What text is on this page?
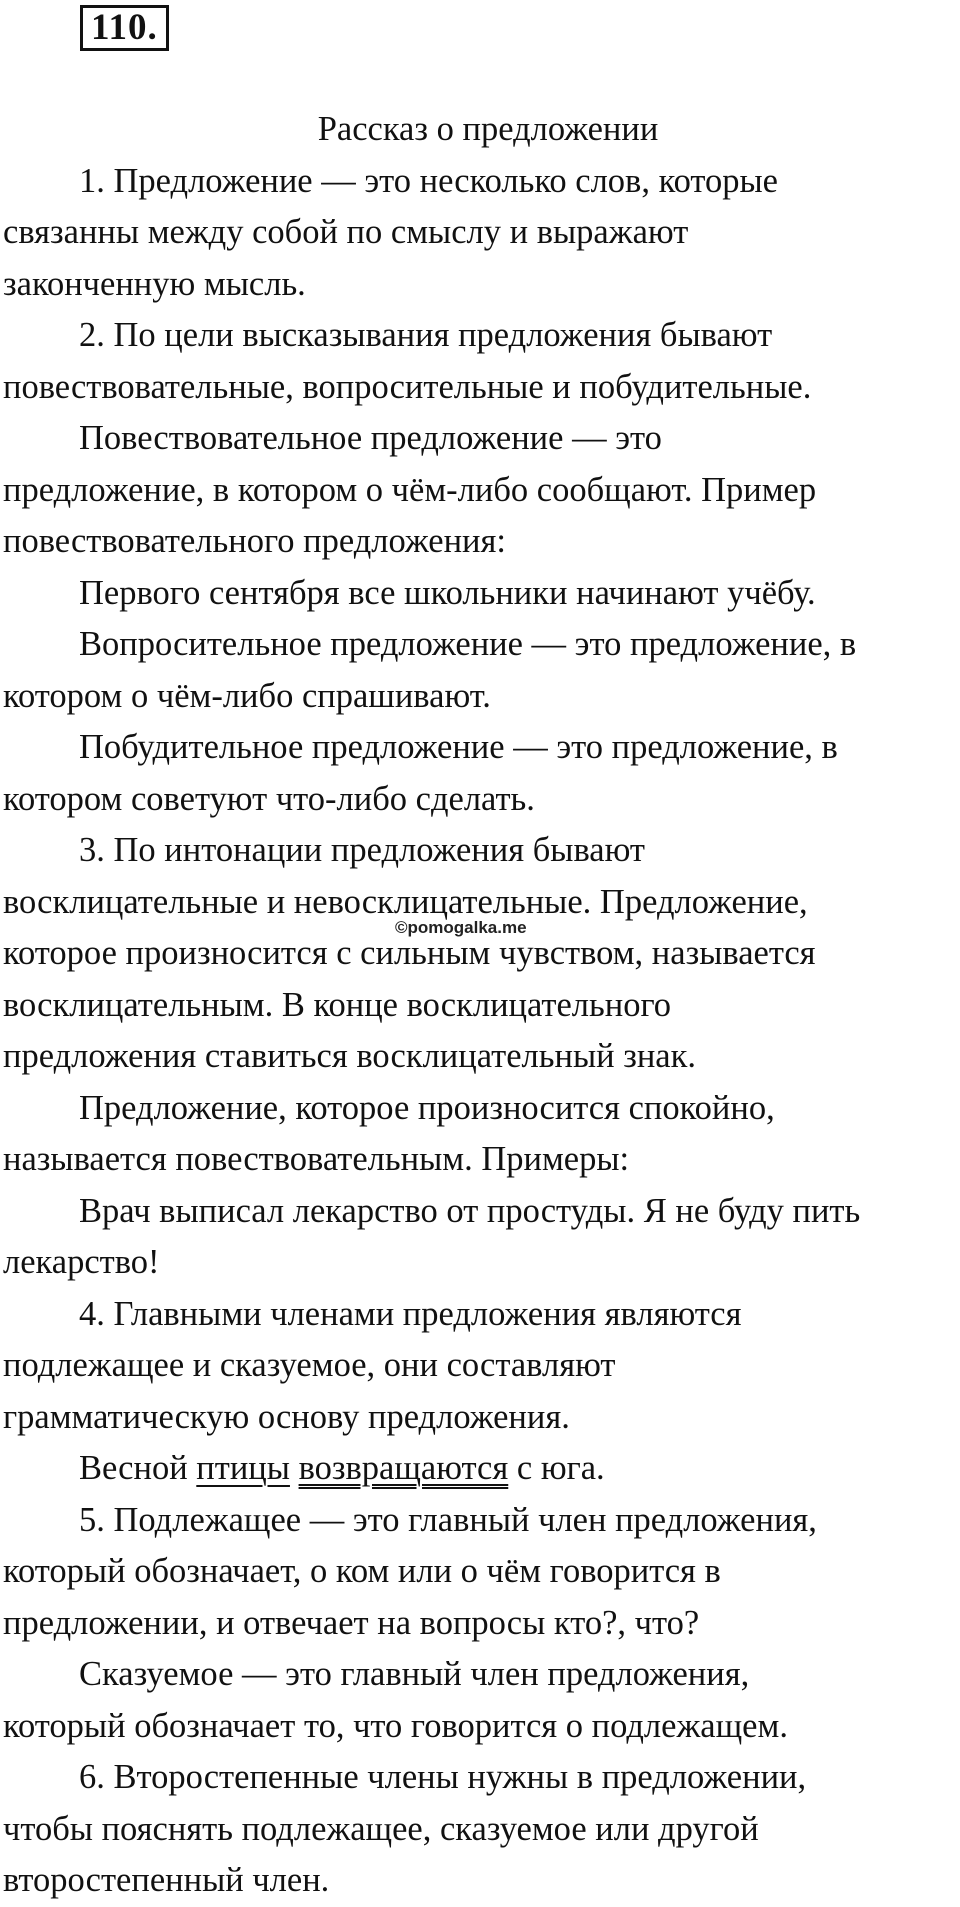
110.

Рассказ о предложении

1. Предложение — это несколько слов, которые

связанны между собой по смыслу и выражают

законченную мысль.

2. По цели высказывания предложения бывают

повествовательные, вопросительные и побудительные.

Повествовательное предложение — это

предложение, в котором о чём-либо сообщают. Пример

повествовательного предложения:

Первого сентября все школьники начинают учёбу.

Вопросительное предложение — это предложение, в

котором о чём-либо спрашивают.

Побудительное предложение — это предложение, в

котором советуют что-либо сделать.

3. По интонации предложения бывают

восклицательные и невосклицательные. Предложение,

которое произносится с сильным чувством, называется

восклицательным. В конце восклицательного

предложения ставиться восклицательный знак.

Предложение, которое произносится спокойно,

называется повествовательным. Примеры:

Врач выписал лекарство от простуды. Я не буду пить

лекарство!

4. Главными членами предложения являются

подлежащее и сказуемое, они составляют

грамматическую основу предложения.

Весной птицы возвращаются с юга.

5. Подлежащее — это главный член предложения,

который обозначает, о ком или о чём говорится в

предложении, и отвечает на вопросы кто?, что?

Сказуемое — это главный член предложения,

который обозначает то, что говорится о подлежащем.

6. Второстепенные члены нужны в предложении,

чтобы пояснять подлежащее, сказуемое или другой

второстепенный член.

©pomogalka.me
